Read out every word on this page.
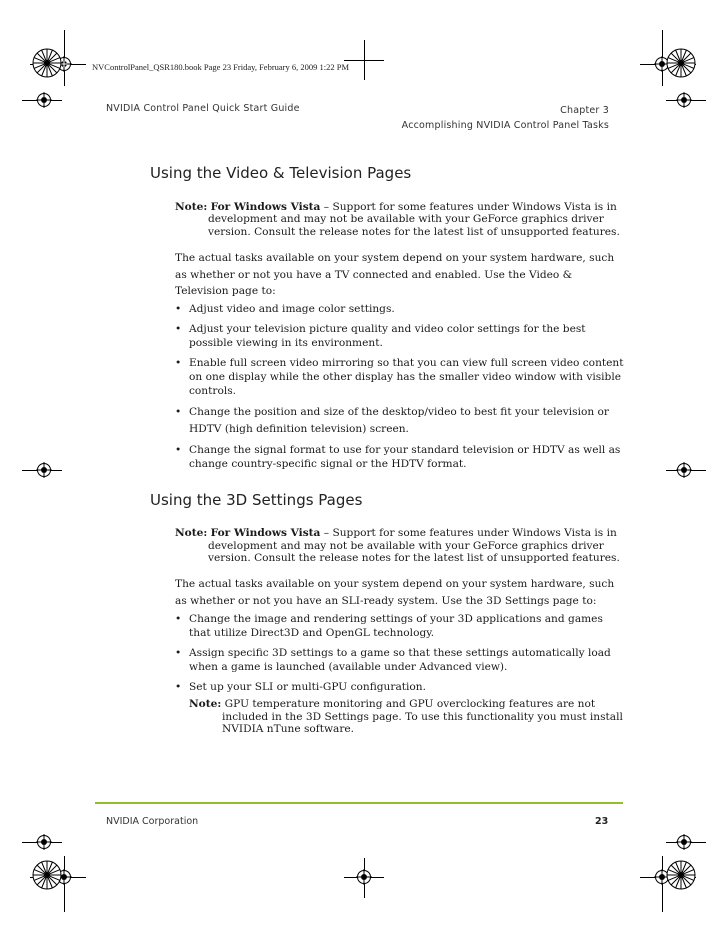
NVControlPanel_QSR180.book Page 23 Friday, February 6, 2009 1:22 PM
NVIDIA Control Panel Quick Start Guide	Chapter 3
Accomplishing NVIDIA Control Panel Tasks
Using the Video & Television Pages
Note: For Windows Vista – Support for some features under Windows Vista is in development and may not be available with your GeForce graphics driver version. Consult the release notes for the latest list of unsupported features.

The actual tasks available on your system depend on your system hardware, such as whether or not you have a TV connected and enabled. Use the Video & Television page to:

• Adjust video and image color settings.
• Adjust your television picture quality and video color settings for the best possible viewing in its environment.
• Enable full screen video mirroring so that you can view full screen video content on one display while the other display has the smaller video window with visible controls.
• Change the position and size of the desktop/video to best fit your television or HDTV (high definition television) screen.
• Change the signal format to use for your standard television or HDTV as well as change country-specific signal or the HDTV format.
Using the 3D Settings Pages
Note: For Windows Vista – Support for some features under Windows Vista is in development and may not be available with your GeForce graphics driver version. Consult the release notes for the latest list of unsupported features.

The actual tasks available on your system depend on your system hardware, such as whether or not you have an SLI-ready system. Use the 3D Settings page to:

• Change the image and rendering settings of your 3D applications and games that utilize Direct3D and OpenGL technology.
• Assign specific 3D settings to a game so that these settings automatically load when a game is launched (available under Advanced view).
• Set up your SLI or multi-GPU configuration.
Note: GPU temperature monitoring and GPU overclocking features are not included in the 3D Settings page. To use this functionality you must install NVIDIA nTune software.
NVIDIA Corporation	23
